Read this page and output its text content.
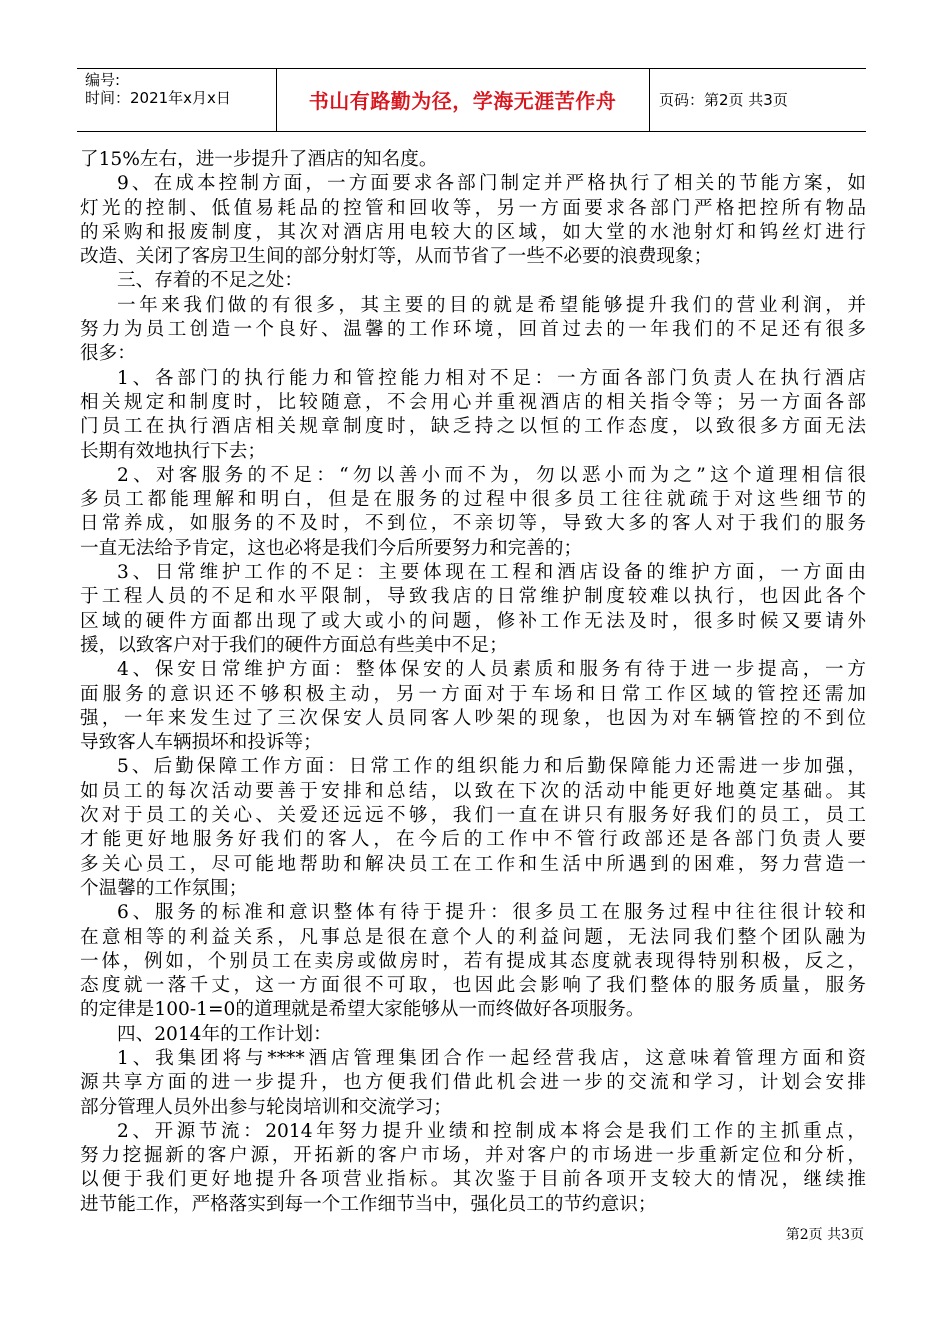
编号:
时间：2021年x月x日	书山有路勤为径，学海无涯苦作舟	页码：第2页 共3页
了15%左右，进一步提升了酒店的知名度。
9、在成本控制方面，一方面要求各部门制定并严格执行了相关的节能方案，如
灯光的控制、低值易耗品的控管和回收等，另一方面要求各部门严格把控所有物品
的采购和报废制度，其次对酒店用电较大的区域，如大堂的水池射灯和钨丝灯进行
改造、关闭了客房卫生间的部分射灯等，从而节省了一些不必要的浪费现象；
三、存着的不足之处：
一年来我们做的有很多，其主要的目的就是希望能够提升我们的营业利润，并
努力为员工创造一个良好、温馨的工作环境，回首过去的一年我们的不足还有很多
很多：
1、各部门的执行能力和管控能力相对不足：一方面各部门负责人在执行酒店
相关规定和制度时，比较随意，不会用心并重视酒店的相关指令等；另一方面各部
门员工在执行酒店相关规章制度时，缺乏持之以恒的工作态度，以致很多方面无法
长期有效地执行下去；
2、对客服务的不足：“勿以善小而不为，勿以恶小而为之”这个道理相信很
多员工都能理解和明白，但是在服务的过程中很多员工往往就疏于对这些细节的
日常养成，如服务的不及时，不到位，不亲切等，导致大多的客人对于我们的服务
一直无法给予肯定，这也必将是我们今后所要努力和完善的；
3、日常维护工作的不足：主要体现在工程和酒店设备的维护方面，一方面由
于工程人员的不足和水平限制，导致我店的日常维护制度较难以执行，也因此各个
区域的硬件方面都出现了或大或小的问题，修补工作无法及时，很多时候又要请外
援，以致客户对于我们的硬件方面总有些美中不足；
4、保安日常维护方面：整体保安的人员素质和服务有待于进一步提高，一方
面服务的意识还不够积极主动，另一方面对于车场和日常工作区域的管控还需加
强，一年来发生过了三次保安人员同客人吵架的现象，也因为对车辆管控的不到位
导致客人车辆损坏和投诉等；
5、后勤保障工作方面：日常工作的组织能力和后勤保障能力还需进一步加强，
如员工的每次活动要善于安排和总结，以致在下次的活动中能更好地奠定基础。其
次对于员工的关心、关爱还远远不够，我们一直在讲只有服务好我们的员工，员工
才能更好地服务好我们的客人，在今后的工作中不管行政部还是各部门负责人要
多关心员工，尽可能地帮助和解决员工在工作和生活中所遇到的困难，努力营造一
个温馨的工作氛围；
6、服务的标准和意识整体有待于提升：很多员工在服务过程中往往很计较和
在意相等的利益关系，凡事总是很在意个人的利益问题，无法同我们整个团队融为
一体，例如，个别员工在卖房或做房时，若有提成其态度就表现得特别积极，反之，
态度就一落千丈，这一方面很不可取，也因此会影响了我们整体的服务质量，服务
的定律是100-1=0的道理就是希望大家能够从一而终做好各项服务。
四、2014年的工作计划：
1、我集团将与****酒店管理集团合作一起经营我店，这意味着管理方面和资
源共享方面的进一步提升，也方便我们借此机会进一步的交流和学习，计划会安排
部分管理人员外出参与轮岗培训和交流学习；
2、开源节流：2014年努力提升业绩和控制成本将会是我们工作的主抓重点，
努力挖掘新的客户源，开拓新的客户市场，并对客户的市场进一步重新定位和分析，
以便于我们更好地提升各项营业指标。其次鉴于目前各项开支较大的情况，继续推
进节能工作，严格落实到每一个工作细节当中，强化员工的节约意识；
第2页 共3页
